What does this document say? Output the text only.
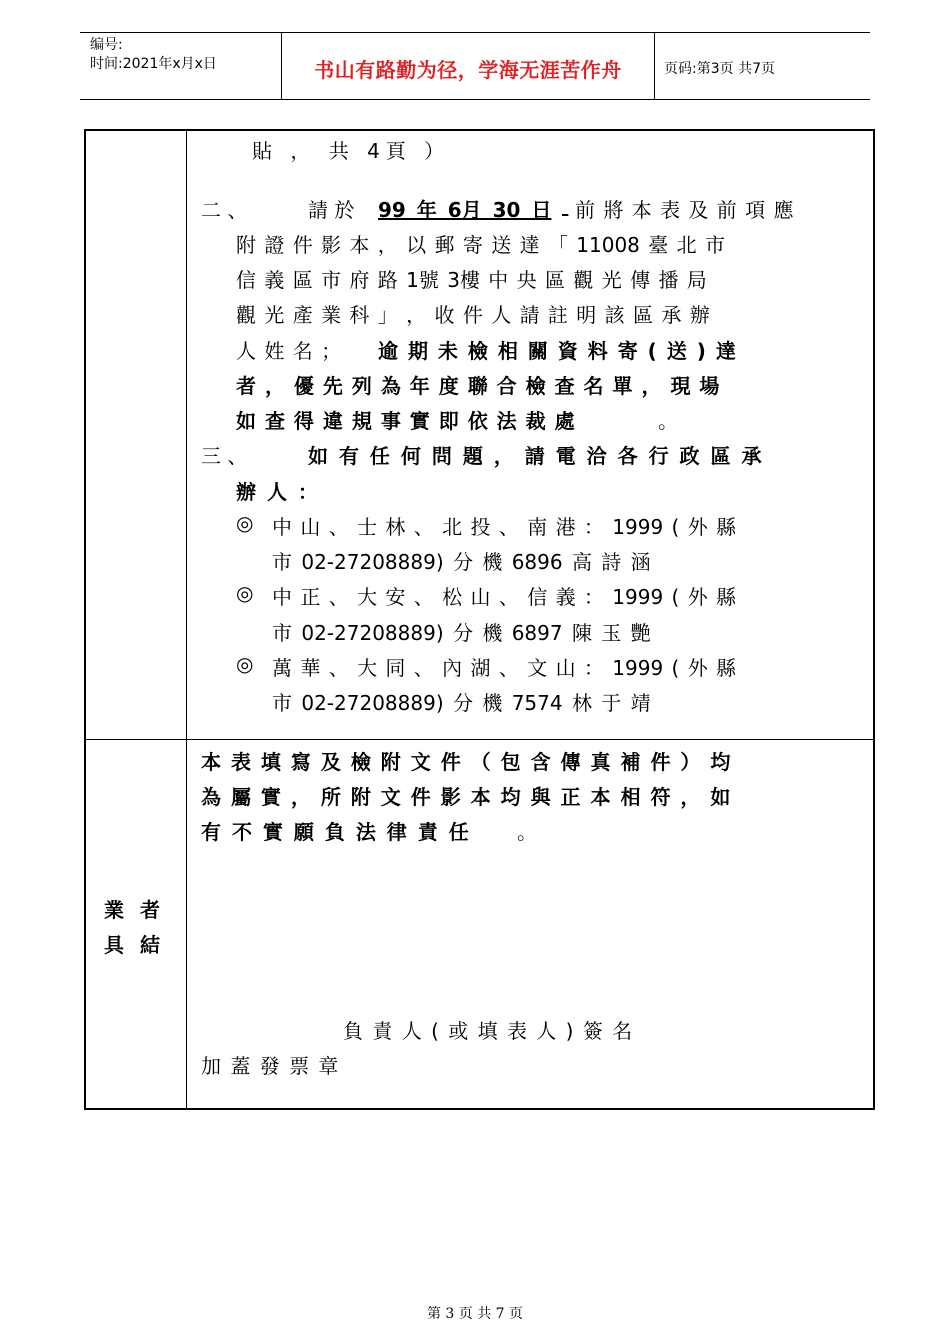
编号:
时间:2021年x月x日	书山有路勤为径，学海无涯苦作舟	页码:第3页 共7页
貼 ， 共 4頁 ）
二 、	請 於 99 年 6月 30 日
前 將 本 表 及 前 項 應
附 證 件 影 本 ， 以 郵 寄 送 達 「 11008 臺 北 市
信 義 區 市 府 路 1號 3樓 中 央 區 觀 光 傳 播 局
觀 光 產 業 科 」 ， 收 件 人 請 註 明 該 區 承 辦
人 姓 名 ； 逾 期 未 檢 相 關 資 料 寄 ( 送 ) 達
者 ， 優 先 列 為 年 度 聯 合 檢 查 名 單 ， 現 場
如 查 得 違 規 事 實 即 依 法 裁 處	。
三 、	如 有 任 何 問 題 ， 請 電 洽 各 行 政 區 承
辦 人 ：
◎ 中 山 、 士 林 、 北 投 、 南 港 ： 1999 ( 外 縣
市 02-27208889) 分 機 6896 高 詩 涵
◎ 中 正 、 大 安 、 松 山 、 信 義 ： 1999 ( 外 縣
市 02-27208889) 分 機 6897 陳 玉 艷
◎ 萬 華 、 大 同 、 內 湖 、 文 山 ： 1999 ( 外 縣
市 02-27208889) 分 機 7574 林 于 靖
業者
具結
本 表 填 寫 及 檢 附 文 件 （ 包 含 傳 真 補 件 ） 均
為 屬 實 ， 所 附 文 件 影 本 均 與 正 本 相 符 ， 如
有 不 實 願 負 法 律 責 任 。
負 責 人 ( 或 填 表 人 ) 簽 名
加 蓋 發 票 章
第 3 页 共 7 页
